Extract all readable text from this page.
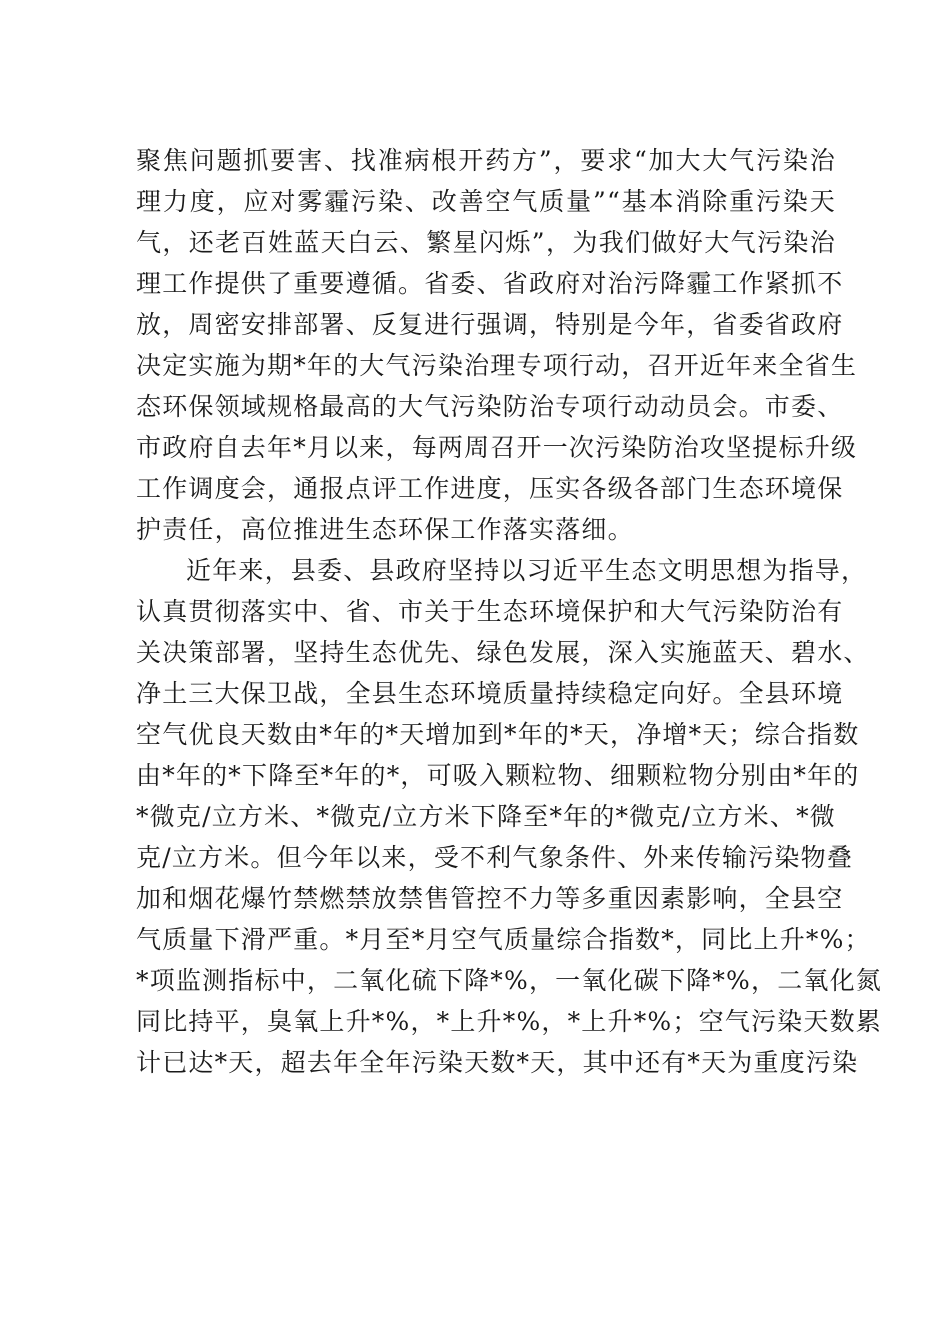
聚焦问题抓要害、找准病根开药方”，要求“加大大气污染治
理力度，应对雾霾污染、改善空气质量”“基本消除重污染天
气，还老百姓蓝天白云、繁星闪烁”，为我们做好大气污染治
理工作提供了重要遵循。省委、省政府对治污降霾工作紧抓不
放，周密安排部署、反复进行强调，特别是今年，省委省政府
决定实施为期*年的大气污染治理专项行动，召开近年来全省生
态环保领域规格最高的大气污染防治专项行动动员会。市委、
市政府自去年*月以来，每两周召开一次污染防治攻坚提标升级
工作调度会，通报点评工作进度，压实各级各部门生态环境保
护责任，高位推进生态环保工作落实落细。
近年来，县委、县政府坚持以习近平生态文明思想为指导，
认真贯彻落实中、省、市关于生态环境保护和大气污染防治有
关决策部署，坚持生态优先、绿色发展，深入实施蓝天、碧水、
净土三大保卫战，全县生态环境质量持续稳定向好。全县环境
空气优良天数由*年的*天增加到*年的*天，净增*天；综合指数
由*年的*下降至*年的*，可吸入颗粒物、细颗粒物分别由*年的
*微克/立方米、*微克/立方米下降至*年的*微克/立方米、*微
克/立方米。但今年以来，受不利气象条件、外来传输污染物叠
加和烟花爆竹禁燃禁放禁售管控不力等多重因素影响，全县空
气质量下滑严重。*月至*月空气质量综合指数*，同比上升*%；
*项监测指标中，二氧化硫下降*%，一氧化碳下降*%，二氧化氮
同比持平，臭氧上升*%，*上升*%，*上升*%；空气污染天数累
计已达*天，超去年全年污染天数*天，其中还有*天为重度污染
